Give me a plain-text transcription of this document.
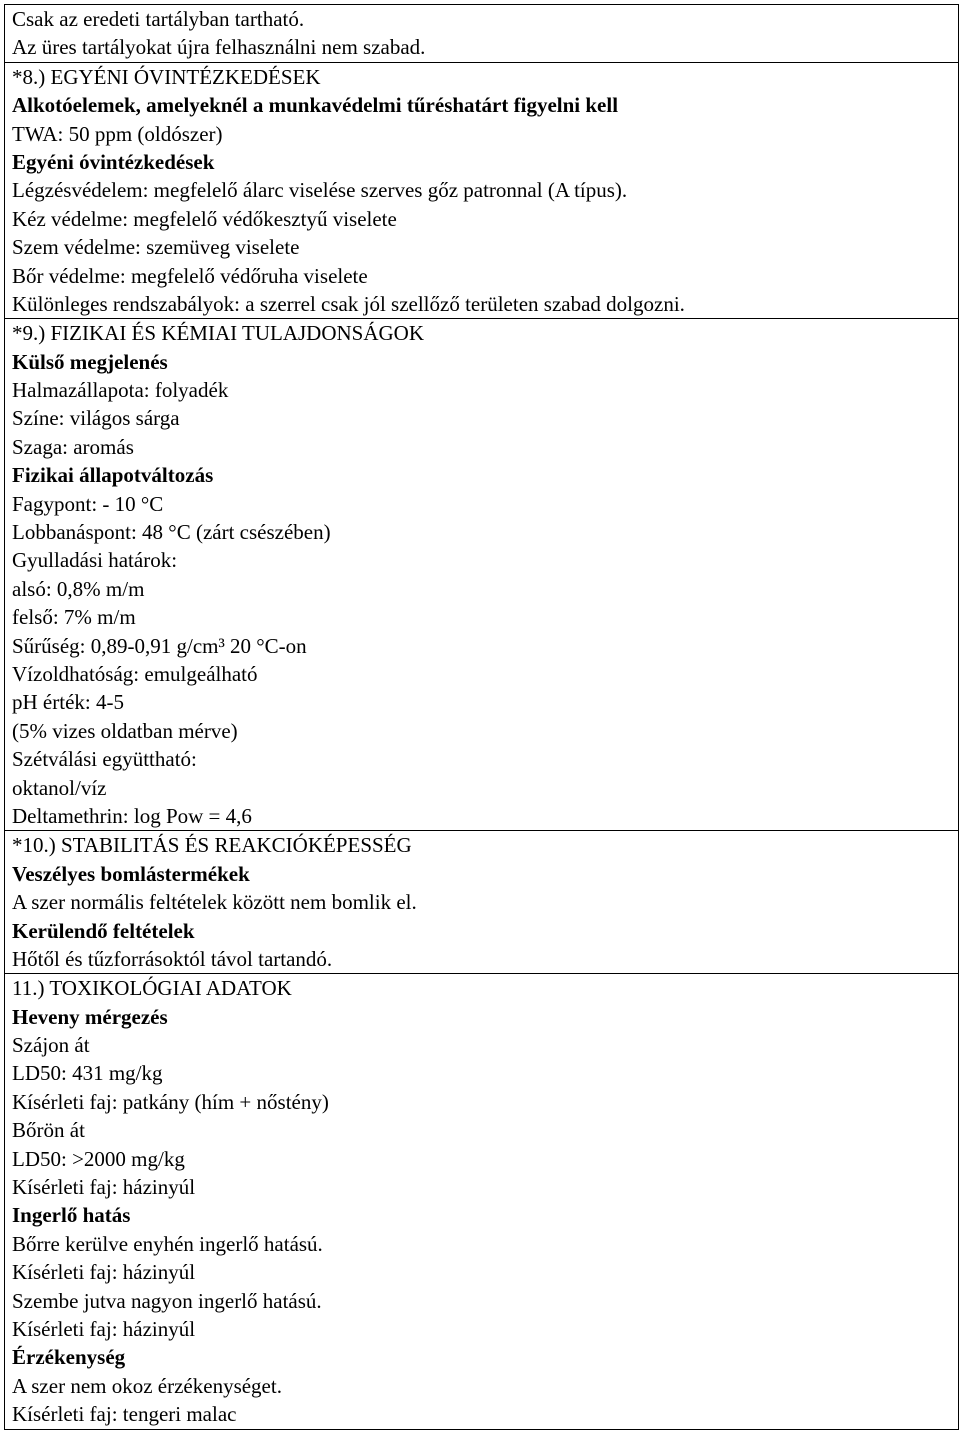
Csak az eredeti tartályban tartható.
Az üres tartályokat újra felhasználni nem szabad.
*8.) EGYÉNI ÓVINTÉZKEDÉSEK
Alkotóelemek, amelyeknél a munkavédelmi tűréshatárt figyelni kell
TWA: 50 ppm (oldószer)
Egyéni óvintézkedések
Légzésvédelem: megfelelő álarc viselése szerves gőz patronnal (A típus).
Kéz védelme: megfelelő védőkesztyű viselete
Szem védelme: szemüveg viselete
Bőr védelme: megfelelő védőruha viselete
Különleges rendszabályok: a szerrel csak jól szellőző területen szabad dolgozni.
*9.) FIZIKAI ÉS KÉMIAI TULAJDONSÁGOK
Külső megjelenés
Halmazállapota: folyadék
Színe: világos sárga
Szaga: aromás
Fizikai állapotváltozás
Fagypont: - 10 °C
Lobbanáspont: 48 °C (zárt csészében)
Gyulladási határok:
alsó: 0,8% m/m
felső: 7% m/m
Sűrűség: 0,89-0,91 g/cm³ 20 °C-on
Vízoldhatóság: emulgeálható
pH érték: 4-5
(5% vizes oldatban mérve)
Szétválási együttható:
oktanol/víz
Deltamethrin: log Pow = 4,6
*10.) STABILITÁS ÉS REAKCIÓKÉPESSÉG
Veszélyes bomlástermékek
A szer normális feltételek között nem bomlik el.
Kerülendő feltételek
Hőtől és tűzforrásoktól távol tartandó.
11.) TOXIKOLÓGIAI ADATOK
Heveny mérgezés
Szájon át
LD50: 431 mg/kg
Kísérleti faj: patkány (hím + nőstény)
Bőrön át
LD50: >2000 mg/kg
Kísérleti faj: házinyúl
Ingerlő hatás
Bőrre kerülve enyhén ingerlő hatású.
Kísérleti faj: házinyúl
Szembe jutva nagyon ingerlő hatású.
Kísérleti faj: házinyúl
Érzékenység
A szer nem okoz érzékenységet.
Kísérleti faj: tengeri malac
